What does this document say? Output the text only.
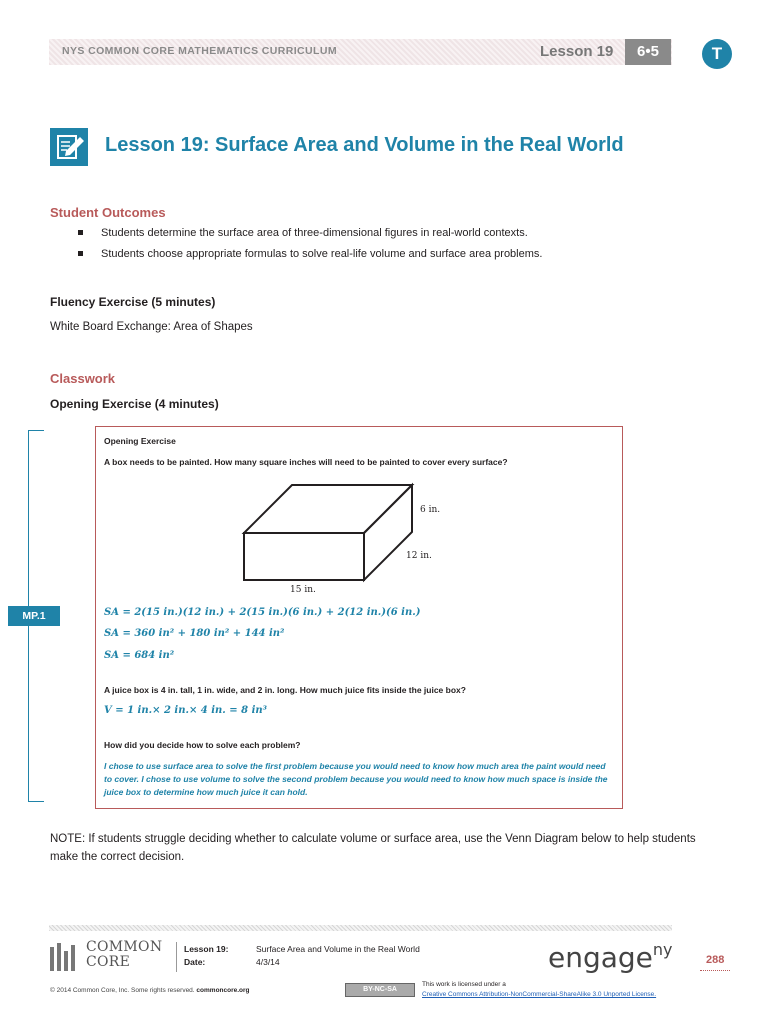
NYS COMMON CORE MATHEMATICS CURRICULUM	Lesson 19	6•5	T
Lesson 19: Surface Area and Volume in the Real World
Student Outcomes
Students determine the surface area of three-dimensional figures in real-world contexts.
Students choose appropriate formulas to solve real-life volume and surface area problems.
Fluency Exercise (5 minutes)
White Board Exchange: Area of Shapes
Classwork
Opening Exercise (4 minutes)
MP.1
Opening Exercise
A box needs to be painted. How many square inches will need to be painted to cover every surface?
6 in.
12 in.
15 in.
SA = 2(15 in.)(12 in.) + 2(15 in.)(6 in.) + 2(12 in.)(6 in.)
SA = 360 in² + 180 in² + 144 in²
SA = 684 in²
A juice box is 4 in. tall, 1 in. wide, and 2 in. long. How much juice fits inside the juice box?
V = 1 in.× 2 in.× 4 in. = 8 in³
How did you decide how to solve each problem?
I chose to use surface area to solve the first problem because you would need to know how much area the paint would need to cover. I chose to use volume to solve the second problem because you would need to know how much space is inside the juice box to determine how much juice it can hold.
NOTE: If students struggle deciding whether to calculate volume or surface area, use the Venn Diagram below to help students make the correct decision.
COMMON
CORE
Lesson 19:
Date:
Surface Area and Volume in the Real World
4/3/14	engage$^{ny}$
288
© 2014 Common Core, Inc. Some rights reserved. commoncore.org	BY-NC-SA
This work is licensed under a
Creative Commons Attribution-NonCommercial-ShareAlike 3.0 Unported License.
